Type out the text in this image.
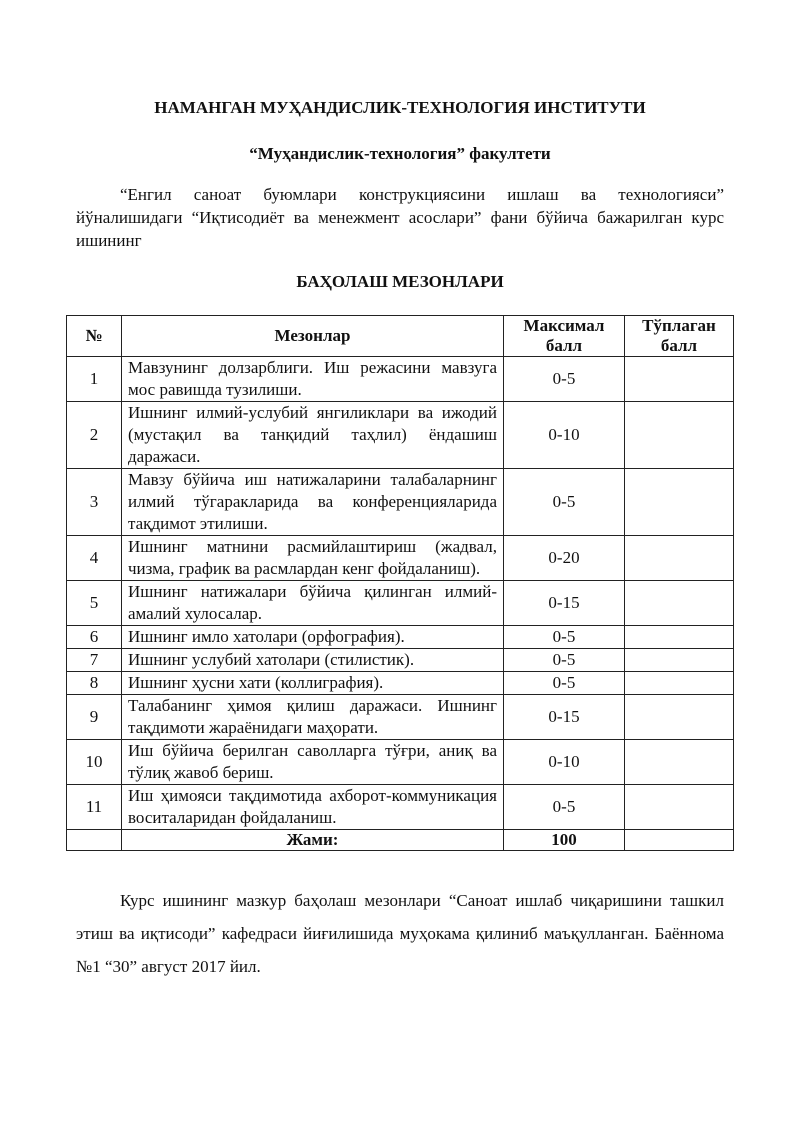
НАМАНГАН МУҲАНДИСЛИК-ТЕХНОЛОГИЯ ИНСТИТУТИ
“Муҳандислик-технология” факултети
“Енгил саноат буюмлари конструкциясини ишлаш ва технологияси” йўналишидаги “Иқтисодиёт ва менежмент асослари” фани бўйича бажарилган курс ишининг
БАҲОЛАШ МЕЗОНЛАРИ
№	Мезонлар	Максимал балл	Тўплаган балл
1	Мавзунинг долзарблиги. Иш режасини мавзуга мос равишда тузилиши.	0-5	
2	Ишнинг илмий-услубий янгиликлари ва ижодий (мустақил ва танқидий таҳлил) ёндашиш даражаси.	0-10	
3	Мавзу бўйича иш натижаларини талабаларнинг илмий тўгаракларида ва конференцияларида тақдимот этилиши.	0-5	
4	Ишнинг матнини расмийлаштириш (жадвал, чизма, график ва расмлардан кенг фойдаланиш).	0-20	
5	Ишнинг натижалари бўйича қилинган илмий-амалий хулосалар.	0-15	
6	Ишнинг имло хатолари (орфография).	0-5	
7	Ишнинг услубий хатолари (стилистик).	0-5	
8	Ишнинг ҳусни хати (коллиграфия).	0-5	
9	Талабанинг ҳимоя қилиш даражаси. Ишнинг тақдимоти жараёнидаги маҳорати.	0-15	
10	Иш бўйича берилган саволларга тўғри, аниқ ва тўлиқ жавоб бериш.	0-10	
11	Иш ҳимояси тақдимотида ахборот-коммуникация воситаларидан фойдаланиш.	0-5	
	Жами:	100	
Курс ишининг мазкур баҳолаш мезонлари “Саноат ишлаб чиқаришини ташкил этиш ва иқтисоди” кафедраси йиғилишида муҳокама қилиниб маъқулланган. Баённома №1 “30” август 2017 йил.
